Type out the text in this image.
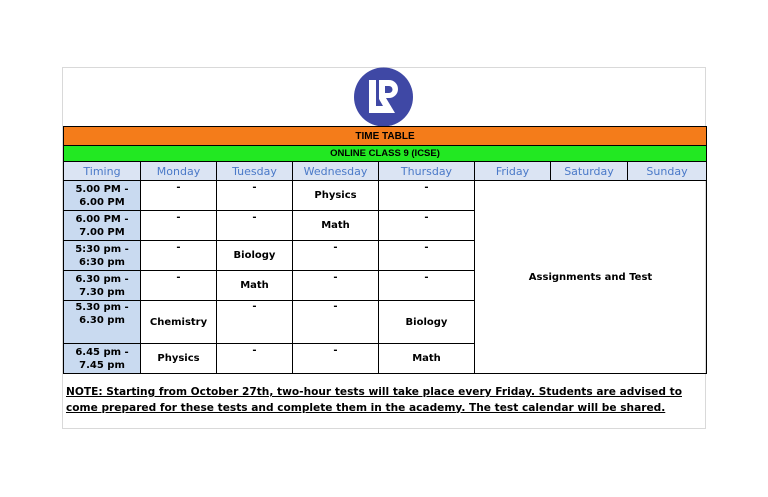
TIME TABLE							
ONLINE CLASS 9 (ICSE)							
Timing	Monday	Tuesday	Wednesday	Thursday	Friday	Saturday	Sunday
5.00 PM - 6.00 PM	-	-	Physics	-	Assignments and Test		
6.00 PM - 7.00 PM	-	-	Math	-			

5:30 pm - 6:30 pm	-	Biology	-	-			

6.30 pm - 7.30 pm	-	Math	-	-			

5.30 pm - 6.30 pm	Chemistry	-	-	Biology			
6.45 pm - 7.45 pm	Physics	-	-	Math			

NOTE: Starting from October 27th, two-hour tests will take place every Friday. Students are advised to come prepared for these tests and complete them in the academy. The test calendar will be shared.
